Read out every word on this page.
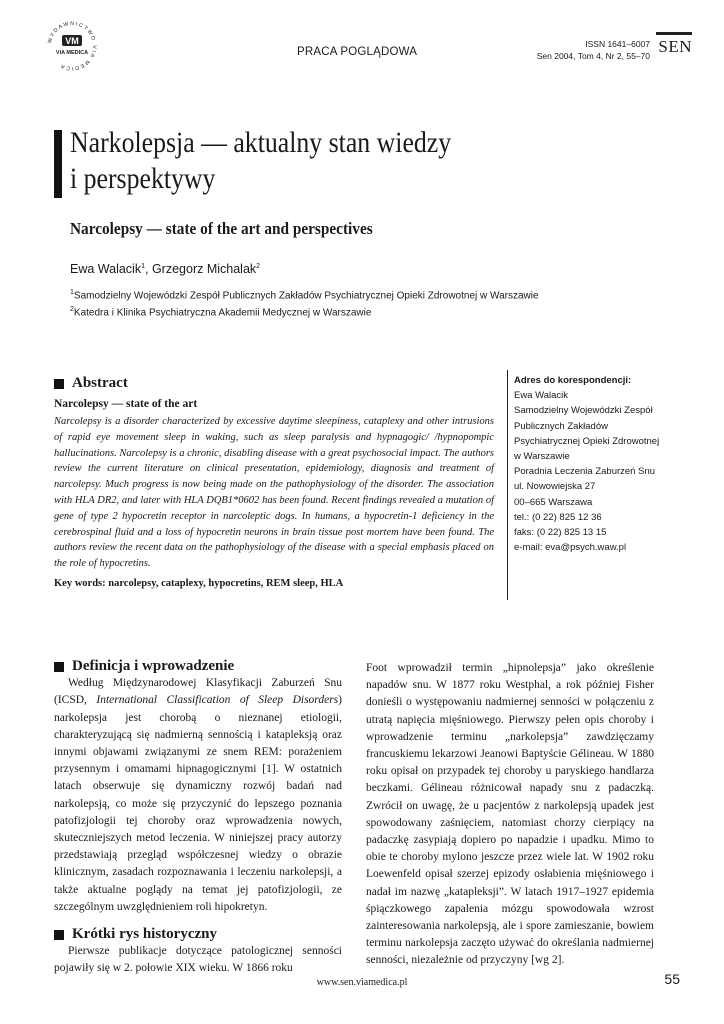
WYDAWNICTWO VIA MEDICA
VM
VIA MEDICA	PRACA POGLĄDOWA
ISSN 1641–6007
Sen 2004, Tom 4, Nr 2, 55–70 SEN
Narkolepsja — aktualny stan wiedzy
i perspektywy
Narcolepsy — state of the art and perspectives
Ewa Walacik$^1$, Grzegorz Michalak$^2$
$^1$Samodzielny Wojewódzki Zespół Publicznych Zakładów Psychiatrycznej Opieki Zdrowotnej w Warszawie
$^2$Katedra i Klinika Psychiatryczna Akademii Medycznej w Warszawie
Abstract
Narcolepsy — state of the art

Narcolepsy is a disorder characterized by excessive daytime sleepiness, cataplexy and other intrusions of rapid eye movement sleep in waking, such as sleep paralysis and hypnagogic/ /hypnopompic hallucinations. Narcolepsy is a chronic, disabling disease with a great psychosocial impact. The authors review the current literature on clinical presentation, epidemiology, diagnosis and treatment of narcolepsy. Much progress is now being made on the pathophysiology of the disorder. The association with HLA DR2, and later with HLA DQB1*0602 has been found. Recent findings revealed a mutation of gene of type 2 hypocretin receptor in narcoleptic dogs. In humans, a hypocretin-1 deficiency in the cerebrospinal fluid and a loss of hypocretin neurons in brain tissue post mortem have been found. The authors review the recent data on the pathophysiology of the disease with a special emphasis placed on the role of hypocretins.

Key words: narcolepsy, cataplexy, hypocretins, REM sleep, HLA
Adres do korespondencji:
Ewa Walacik
Samodzielny Wojewódzki Zespół
Publicznych Zakładów
Psychiatrycznej Opieki Zdrowotnej
w Warszawie
Poradnia Leczenia Zaburzeń Snu
ul. Nowowiejska 27
00–665 Warszawa
tel.: (0 22) 825 12 36
faks: (0 22) 825 13 15
e-mail: eva@psych.waw.pl
Definicja i wprowadzenie

Według Międzynarodowej Klasyfikacji Zaburzeń Snu (ICSD, International Classification of Sleep Disorders) narkolepsja jest chorobą o nieznanej etiologii, charakteryzującą się nadmierną sennością i katapleksją oraz innymi objawami związanymi ze snem REM: porażeniem przysennym i omamami hipnagogicznymi [1]. W ostatnich latach obserwuje się dynamiczny rozwój badań nad narkolepsją, co może się przyczynić do lepszego poznania patofizjologii tej choroby oraz wprowadzenia nowych, skuteczniejszych metod leczenia. W niniejszej pracy autorzy przedstawiają przegląd współczesnej wiedzy o obrazie klinicznym, zasadach rozpoznawania i leczeniu narkolepsji, a także aktualne poglądy na temat jej patofizjologii, ze szczególnym uwzględnieniem roli hipokretyn.

Krótki rys historyczny

Pierwsze publikacje dotyczące patologicznej senności pojawiły się w 2. połowie XIX wieku. W 1866 roku

Foot wprowadził termin „hipnolepsja” jako określenie napadów snu. W 1877 roku Westphal, a rok później Fisher donieśli o występowaniu nadmiernej senności w połączeniu z utratą napięcia mięśniowego. Pierwszy pełen opis choroby i wprowadzenie terminu „narkolepsja” zawdzięczamy francuskiemu lekarzowi Jeanowi Baptyście Gélineau. W 1880 roku opisał on przypadek tej choroby u paryskiego handlarza beczkami. Gélineau różnicował napady snu z padaczką. Zwrócił on uwagę, że u pacjentów z narkolepsją upadek jest spowodowany zaśnięciem, natomiast chorzy cierpiący na padaczkę zasypiają dopiero po napadzie i upadku. Mimo to obie te choroby mylono jeszcze przez wiele lat. W 1902 roku Loewenfeld opisał szerzej epizody osłabienia mięśniowego i nadał im nazwę „katapleksji”. W latach 1917–1927 epidemia śpiączkowego zapalenia mózgu spowodowała wzrost zainteresowania narkolepsją, ale i spore zamieszanie, bowiem terminu narkolepsja zaczęto używać do określania nadmiernej senności, niezależnie od przyczyny [wg 2].

www.sen.viamedica.pl	55
